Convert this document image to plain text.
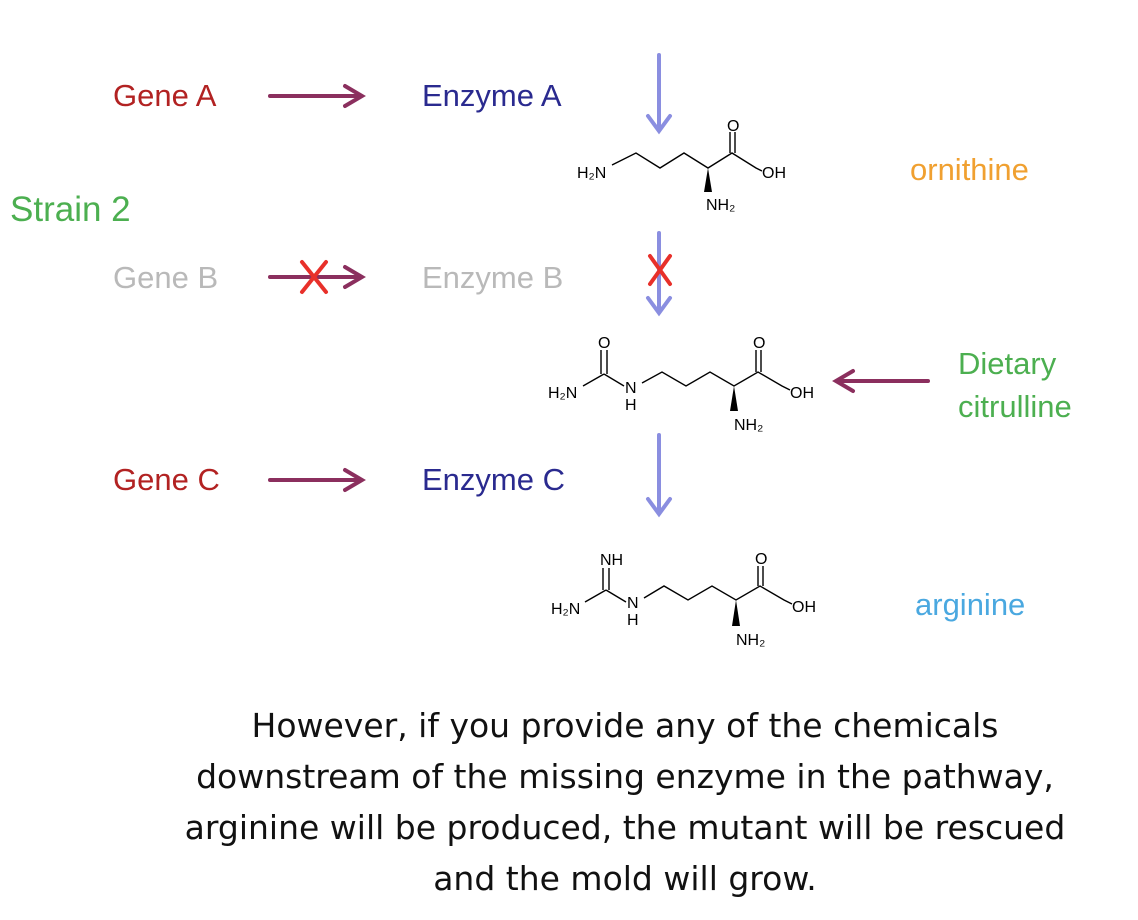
Strain 2
Gene A	Enzyme A
Gene B	Enzyme B
Gene C	Enzyme C
ornithine
Dietary
citrulline
arginine
H₂N
O
OH
NH₂
O
H₂N	N
H
O
OH
NH₂
NH
H₂N	N
H
O
OH
NH₂
However, if you provide any of the chemicals
downstream of the missing enzyme in the pathway,
arginine will be produced, the mutant will be rescued
and the mold will grow.
